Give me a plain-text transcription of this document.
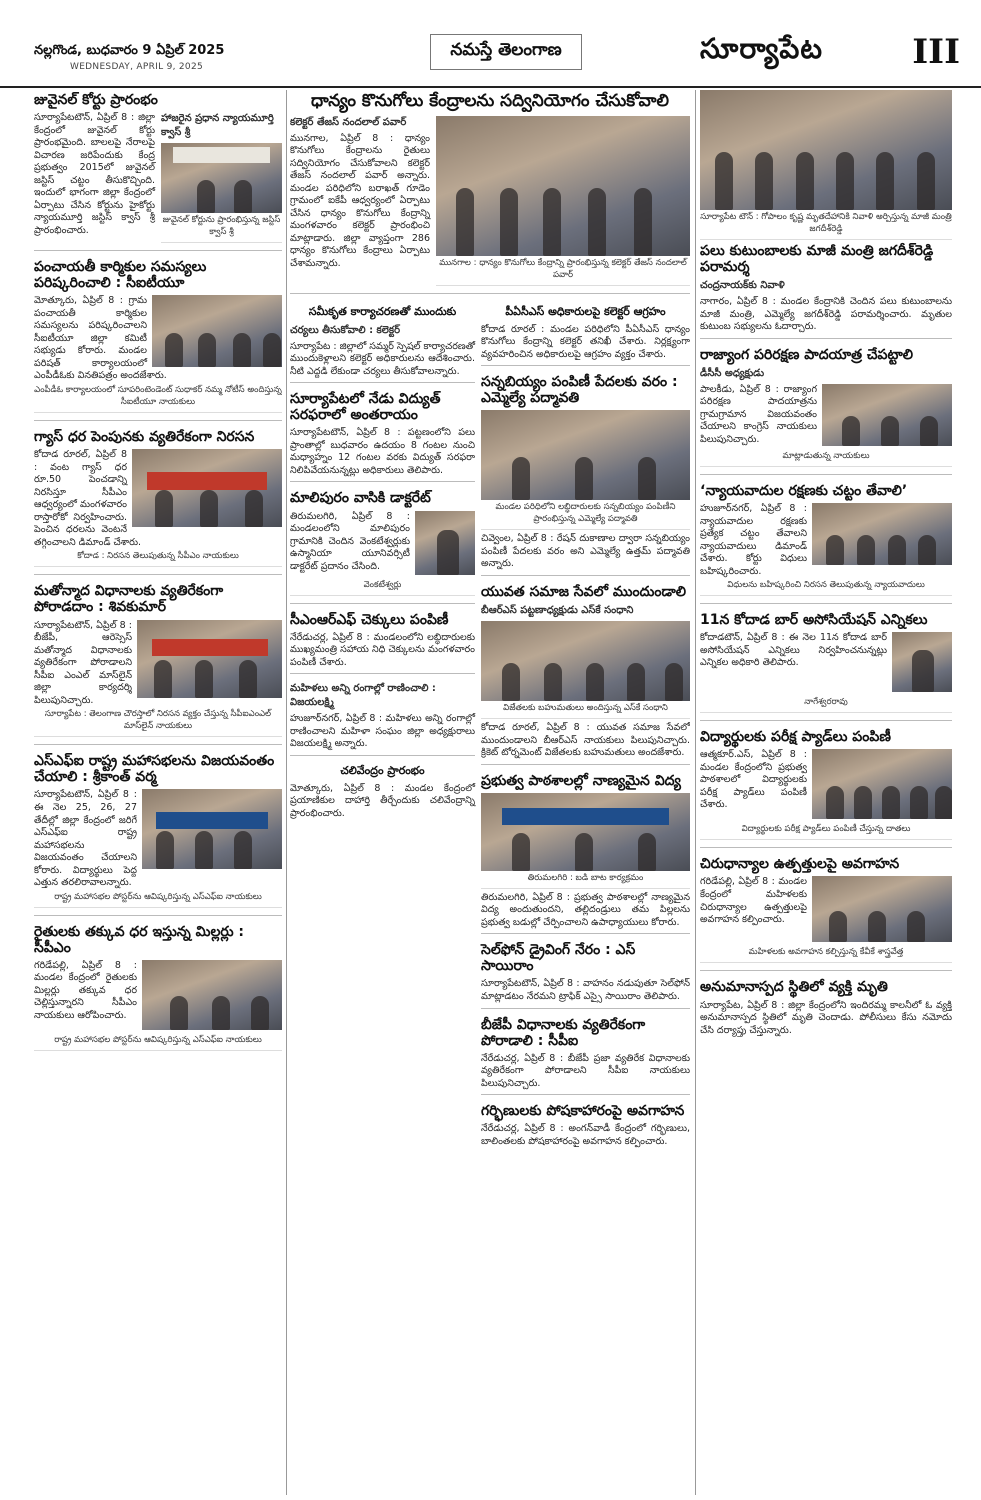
నల్లగొండ, బుధవారం 9 ఏప్రిల్ 2025
WEDNESDAY, APRIL 9, 2025
నమస్తే తెలంగాణ	సూర్యాపేట	III
జువైనల్ కోర్టు ప్రారంభం
సూర్యాపేటటౌన్, ఏప్రిల్ 8 : జిల్లా కేంద్రంలో జువైనల్ కోర్టు ప్రారంభమైంది. బాలలపై నేరాలపై విచారణ జరిపేందుకు కేంద్ర ప్రభుత్వం 2015లో జువైనల్ జస్టిస్ చట్టం తీసుకొచ్చింది. ఇందులో భాగంగా జిల్లా కేంద్రంలో ఏర్పాటు చేసిన కోర్టును హైకోర్టు న్యాయమూర్తి జస్టిస్ క్వాస్ శ్రీ ప్రారంభించారు.
హాజరైన ప్రధాన న్యాయమూర్తి క్వాస్ శ్రీ
జువైనల్ కోర్టును ప్రారంభిస్తున్న జస్టిస్ క్వాస్ శ్రీ
పంచాయతీ కార్మికుల సమస్యలు పరిష్కరించాలి : సీఐటీయూ
మోత్కూరు, ఏప్రిల్ 8 : గ్రామ పంచాయతీ కార్మికుల సమస్యలను పరిష్కరించాలని సీఐటీయూ జిల్లా కమిటీ సభ్యుడు కోరారు. మండల పరిషత్ కార్యాలయంలో ఎంపీడీఓకు వినతిపత్రం అందజేశారు.
ఎంపీడీఓ కార్యాలయంలో సూపరింటెండెంట్ సుధాకర్ నమ్మ నోటీస్ అందిస్తున్న సీఐటీయూ నాయకులు
గ్యాస్ ధర పెంపునకు వ్యతిరేకంగా నిరసన
కోదాడ రూరల్, ఏప్రిల్ 8 : వంట గ్యాస్ ధర రూ.50 పెంచడాన్ని నిరసిస్తూ సీపీఎం ఆధ్వర్యంలో మంగళవారం రాస్తారోకో నిర్వహించారు. పెంచిన ధరలను వెంటనే తగ్గించాలని డిమాండ్ చేశారు.
కోదాడ : నిరసన తెలుపుతున్న సీపీఎం నాయకులు
మతోన్మాద విధానాలకు వ్యతిరేకంగా పోరాడదాం : శివకుమార్
సూర్యాపేటటౌన్, ఏప్రిల్ 8 : బీజేపీ, ఆరెస్సెస్ మతోన్మాద విధానాలకు వ్యతిరేకంగా పోరాడాలని సీపీఐ ఎంఎల్ మాస్‌లైన్ జిల్లా కార్యదర్శి పిలుపునిచ్చారు.
సూర్యాపేట : తెలంగాణ చౌరస్తాలో నిరసన వ్యక్తం చేస్తున్న సీపీఐఎంఎల్ మాస్‌లైన్ నాయకులు
ఎస్‌ఎఫ్‌ఐ రాష్ట్ర మహాసభలను విజయవంతం చేయాలి : శ్రీకాంత్ వర్మ
సూర్యాపేటటౌన్, ఏప్రిల్ 8 : ఈ నెల 25, 26, 27 తేదీల్లో జిల్లా కేంద్రంలో జరిగే ఎస్‌ఎఫ్‌ఐ రాష్ట్ర మహాసభలను విజయవంతం చేయాలని కోరారు. విద్యార్థులు పెద్ద ఎత్తున తరలిరావాలన్నారు.
రాష్ట్ర మహాసభల పోస్టర్‌ను ఆవిష్కరిస్తున్న ఎస్‌ఎఫ్‌ఐ నాయకులు
రైతులకు తక్కువ ధర ఇస్తున్న మిల్లర్లు : సీపీఎం
గరిడేపల్లి, ఏప్రిల్ 8 : మండల కేంద్రంలో రైతులకు మిల్లర్లు తక్కువ ధర చెల్లిస్తున్నారని సీపీఎం నాయకులు ఆరోపించారు.
రాష్ట్ర మహాసభల పోస్టర్‌ను ఆవిష్కరిస్తున్న ఎస్‌ఎఫ్‌ఐ నాయకులు
ధాన్యం కొనుగోలు కేంద్రాలను సద్వినియోగం చేసుకోవాలి
కలెక్టర్ తేజస్ నందలాల్ పవార్
మునగాల, ఏప్రిల్ 8 : ధాన్యం కొనుగోలు కేంద్రాలను రైతులు సద్వినియోగం చేసుకోవాలని కలెక్టర్ తేజస్ నందలాల్ పవార్ అన్నారు. మండల పరిధిలోని బరాఖత్ గూడెం గ్రామంలో ఐకేపీ ఆధ్వర్యంలో ఏర్పాటు చేసిన ధాన్యం కొనుగోలు కేంద్రాన్ని మంగళవారం కలెక్టర్ ప్రారంభించి మాట్లాడారు. జిల్లా వ్యాప్తంగా 286 ధాన్యం కొనుగోలు కేంద్రాలు ఏర్పాటు చేశామన్నారు.	మునగాల : ధాన్యం కొనుగోలు కేంద్రాన్ని ప్రారంభిస్తున్న కలెక్టర్ తేజస్ నందలాల్ పవార్
సమీకృత కార్యాచరణతో ముందుకు
చర్యలు తీసుకోవాలి : కలెక్టర్
సూర్యాపేట : జిల్లాలో సమ్మర్ స్పెషల్ కార్యాచరణతో ముందుకెళ్లాలని కలెక్టర్ అధికారులను ఆదేశించారు. నీటి ఎద్దడి లేకుండా చర్యలు తీసుకోవాలన్నారు.
సూర్యాపేటలో నేడు విద్యుత్ సరఫరాలో అంతరాయం
సూర్యాపేటటౌన్, ఏప్రిల్ 8 : పట్టణంలోని పలు ప్రాంతాల్లో బుధవారం ఉదయం 8 గంటల నుంచి మధ్యాహ్నం 12 గంటల వరకు విద్యుత్ సరఫరా నిలిపివేయనున్నట్లు అధికారులు తెలిపారు.
మాలిపురం వాసికి డాక్టరేట్
తిరుమలగిరి, ఏప్రిల్ 8 : మండలంలోని మాలిపురం గ్రామానికి చెందిన వెంకటేశ్వర్లుకు ఉస్మానియా యూనివర్సిటీ డాక్టరేట్ ప్రదానం చేసింది.
వెంకటేశ్వర్లు
సీఎంఆర్‌ఎఫ్ చెక్కులు పంపిణీ
నేరేడుచర్ల, ఏప్రిల్ 8 : మండలంలోని లబ్ధిదారులకు ముఖ్యమంత్రి సహాయ నిధి చెక్కులను మంగళవారం పంపిణీ చేశారు.
మహిళలు అన్ని రంగాల్లో రాణించాలి : విజయలక్ష్మి
హుజూర్‌నగర్, ఏప్రిల్ 8 : మహిళలు అన్ని రంగాల్లో రాణించాలని మహిళా సంఘం జిల్లా అధ్యక్షురాలు విజయలక్ష్మి అన్నారు.
చలివేంద్రం ప్రారంభం
మోత్కూరు, ఏప్రిల్ 8 : మండల కేంద్రంలో ప్రయాణికుల దాహార్తి తీర్చేందుకు చలివేంద్రాన్ని ప్రారంభించారు.
పీఏసీఎస్ అధికారులపై కలెక్టర్ ఆగ్రహం
కోదాడ రూరల్ : మండల పరిధిలోని పీఏసీఎస్ ధాన్యం కొనుగోలు కేంద్రాన్ని కలెక్టర్ తనిఖీ చేశారు. నిర్లక్ష్యంగా వ్యవహరించిన అధికారులపై ఆగ్రహం వ్యక్తం చేశారు.
సన్నబియ్యం పంపిణీ పేదలకు వరం : ఎమ్మెల్యే పద్మావతి
మండల పరిధిలోని లబ్ధిదారులకు సన్నబియ్యం పంపిణీని ప్రారంభిస్తున్న ఎమ్మెల్యే పద్మావతి
చివ్వెంల, ఏప్రిల్ 8 : రేషన్ దుకాణాల ద్వారా సన్నబియ్యం పంపిణీ పేదలకు వరం అని ఎమ్మెల్యే ఉత్తమ్ పద్మావతి అన్నారు.
యువత సమాజ సేవలో ముందుండాలి
బీఆర్‌ఎస్ పట్టణాధ్యక్షుడు ఎస్‌కే సంధాని
విజేతలకు బహుమతులు అందిస్తున్న ఎస్‌కే సంధాని
కోదాడ రూరల్, ఏప్రిల్ 8 : యువత సమాజ సేవలో ముందుండాలని బీఆర్‌ఎస్ నాయకులు పిలుపునిచ్చారు. క్రికెట్ టోర్నమెంట్ విజేతలకు బహుమతులు అందజేశారు.
ప్రభుత్వ పాఠశాలల్లో నాణ్యమైన విద్య
తిరుమలగిరి : బడి బాట కార్యక్రమం
తిరుమలగిరి, ఏప్రిల్ 8 : ప్రభుత్వ పాఠశాలల్లో నాణ్యమైన విద్య అందుతుందని, తల్లిదండ్రులు తమ పిల్లలను ప్రభుత్వ బడుల్లో చేర్పించాలని ఉపాధ్యాయులు కోరారు.
సెల్‌ఫోన్ డ్రైవింగ్ నేరం : ఎస్ సాయిరాం
సూర్యాపేటటౌన్, ఏప్రిల్ 8 : వాహనం నడుపుతూ సెల్‌ఫోన్ మాట్లాడటం నేరమని ట్రాఫిక్ ఎస్సై సాయిరాం తెలిపారు.
బీజేపీ విధానాలకు వ్యతిరేకంగా పోరాడాలి : సీపీఐ
నేరేడుచర్ల, ఏప్రిల్ 8 : బీజేపీ ప్రజా వ్యతిరేక విధానాలకు వ్యతిరేకంగా పోరాడాలని సీపీఐ నాయకులు పిలుపునిచ్చారు.
గర్భిణులకు పోషకాహారంపై అవగాహన
నేరేడుచర్ల, ఏప్రిల్ 8 : అంగన్‌వాడీ కేంద్రంలో గర్భిణులు, బాలింతలకు పోషకాహారంపై అవగాహన కల్పించారు.
సూర్యాపేట టౌన్ : గోపాలం కృష్ణ మృతదేహానికి నివాళి అర్పిస్తున్న మాజీ మంత్రి జగదీశ్‌రెడ్డి
పలు కుటుంబాలకు మాజీ మంత్రి జగదీశ్‌రెడ్డి పరామర్శ
చంద్రనాయక్‌కు నివాళి
నాగారం, ఏప్రిల్ 8 : మండల కేంద్రానికి చెందిన పలు కుటుంబాలను మాజీ మంత్రి, ఎమ్మెల్యే జగదీశ్‌రెడ్డి పరామర్శించారు. మృతుల కుటుంబ సభ్యులను ఓదార్చారు.
రాజ్యాంగ పరిరక్షణ పాదయాత్ర చేపట్టాలి
డీసీసీ అధ్యక్షుడు
పాలకీడు, ఏప్రిల్ 8 : రాజ్యాంగ పరిరక్షణ పాదయాత్రను గ్రామగ్రామాన విజయవంతం చేయాలని కాంగ్రెస్ నాయకులు పిలుపునిచ్చారు.
మాట్లాడుతున్న నాయకులు
‘న్యాయవాదుల రక్షణకు చట్టం తేవాలి’
హుజూర్‌నగర్, ఏప్రిల్ 8 : న్యాయవాదుల రక్షణకు ప్రత్యేక చట్టం తేవాలని న్యాయవాదులు డిమాండ్ చేశారు. కోర్టు విధులు బహిష్కరించారు.
విధులను బహిష్కరించి నిరసన తెలుపుతున్న న్యాయవాదులు
11న కోదాడ బార్ అసోసియేషన్ ఎన్నికలు
కోదాడటౌన్, ఏప్రిల్ 8 : ఈ నెల 11న కోదాడ బార్ అసోసియేషన్ ఎన్నికలు నిర్వహించనున్నట్లు ఎన్నికల అధికారి తెలిపారు.
నాగేశ్వరరావు
విద్యార్థులకు పరీక్ష ప్యాడ్‌లు పంపిణీ
ఆత్మకూర్.ఎస్, ఏప్రిల్ 8 : మండల కేంద్రంలోని ప్రభుత్వ పాఠశాలలో విద్యార్థులకు పరీక్ష ప్యాడ్‌లు పంపిణీ చేశారు.
విద్యార్థులకు పరీక్ష ప్యాడ్‌లు పంపిణీ చేస్తున్న దాతలు
చిరుధాన్యాల ఉత్పత్తులపై అవగాహన
గరిడేపల్లి, ఏప్రిల్ 8 : మండల కేంద్రంలో మహిళలకు చిరుధాన్యాల ఉత్పత్తులపై అవగాహన కల్పించారు.
మహిళలకు అవగాహన కల్పిస్తున్న కేవీకే శాస్త్రవేత్త
అనుమానాస్పద స్థితిలో వ్యక్తి మృతి
సూర్యాపేట, ఏప్రిల్ 8 : జిల్లా కేంద్రంలోని ఇందిరమ్మ కాలనీలో ఓ వ్యక్తి అనుమానాస్పద స్థితిలో మృతి చెందాడు. పోలీసులు కేసు నమోదు చేసి దర్యాప్తు చేస్తున్నారు.
